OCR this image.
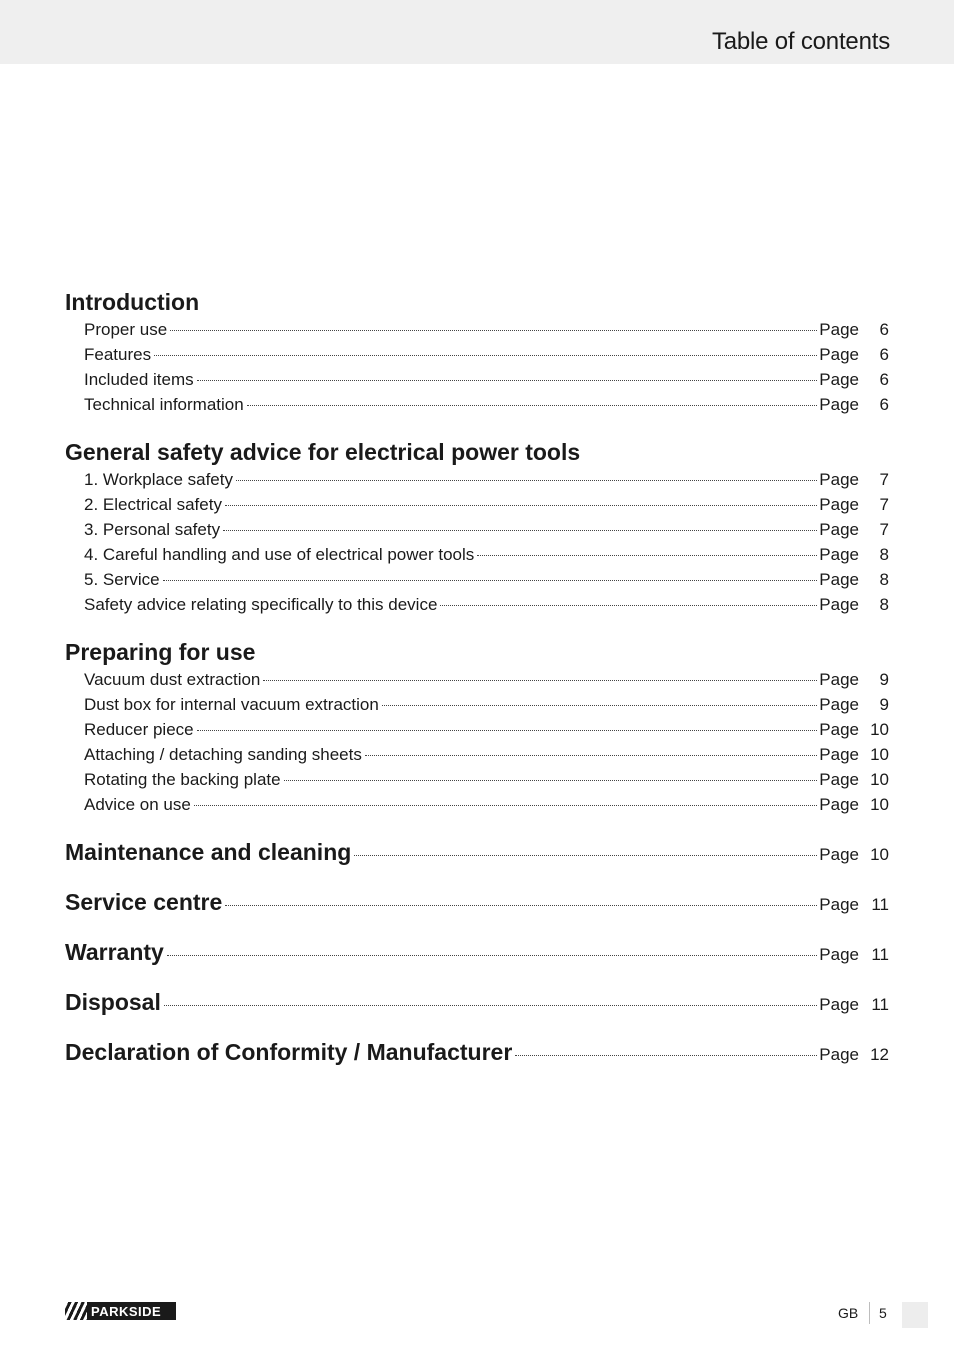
Table of contents
Introduction
Proper use	Page 6
Features	Page 6
Included items	Page 6
Technical information	Page 6
General safety advice for electrical power tools
1. Workplace safety	Page 7
2. Electrical safety	Page 7
3. Personal safety	Page 7
4. Careful handling and use of electrical power tools	Page 8
5. Service	Page 8
Safety advice relating specifically to this device	Page 8
Preparing for use
Vacuum dust extraction	Page 9
Dust box for internal vacuum extraction	Page 9
Reducer piece	Page 10
Attaching / detaching sanding sheets	Page 10
Rotating the backing plate	Page 10
Advice on use	Page 10
Maintenance and cleaning	Page 10
Service centre	Page 11
Warranty	Page 11
Disposal	Page 11
Declaration of Conformity / Manufacturer	Page 12
PARKSIDE	GB 5
